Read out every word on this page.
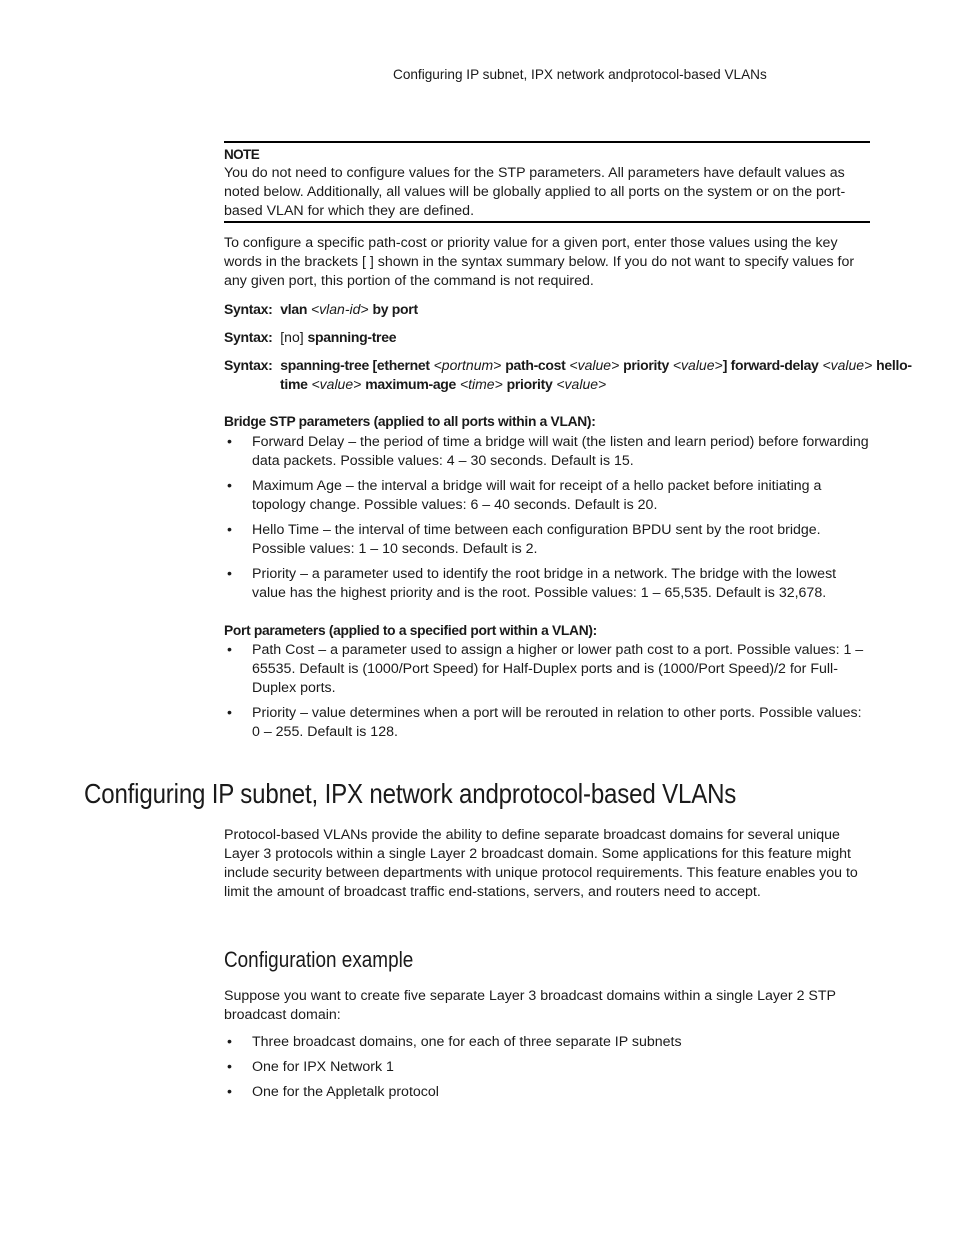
Configuring IP subnet, IPX network andprotocol-based VLANs
NOTE

You do not need to configure values for the STP parameters. All parameters have default values as noted below. Additionally, all values will be globally applied to all ports on the system or on the port-based VLAN for which they are defined.

To configure a specific path-cost or priority value for a given port, enter those values using the key words in the brackets [ ] shown in the syntax summary below. If you do not want to specify values for any given port, this portion of the command is not required.

Syntax: vlan <vlan-id> by port
Syntax: [no] spanning-tree
Syntax: spanning-tree [ethernet <portnum> path-cost <value> priority <value>] forward-delay <value> hello-time <value> maximum-age <time> priority <value>
Bridge STP parameters (applied to all ports within a VLAN):
• Forward Delay – the period of time a bridge will wait (the listen and learn period) before forwarding data packets. Possible values: 4 – 30 seconds. Default is 15.
• Maximum Age – the interval a bridge will wait for receipt of a hello packet before initiating a topology change. Possible values: 6 – 40 seconds. Default is 20.
• Hello Time – the interval of time between each configuration BPDU sent by the root bridge. Possible values: 1 – 10 seconds. Default is 2.
• Priority – a parameter used to identify the root bridge in a network. The bridge with the lowest value has the highest priority and is the root. Possible values: 1 – 65,535. Default is 32,678.
Port parameters (applied to a specified port within a VLAN):
• Path Cost – a parameter used to assign a higher or lower path cost to a port. Possible values: 1 – 65535. Default is (1000/Port Speed) for Half-Duplex ports and is (1000/Port Speed)/2 for Full-Duplex ports.
• Priority – value determines when a port will be rerouted in relation to other ports. Possible values: 0 – 255. Default is 128.
Configuring IP subnet, IPX network andprotocol-based VLANs

Protocol-based VLANs provide the ability to define separate broadcast domains for several unique Layer 3 protocols within a single Layer 2 broadcast domain. Some applications for this feature might include security between departments with unique protocol requirements. This feature enables you to limit the amount of broadcast traffic end-stations, servers, and routers need to accept.

Configuration example

Suppose you want to create five separate Layer 3 broadcast domains within a single Layer 2 STP broadcast domain:

• Three broadcast domains, one for each of three separate IP subnets
• One for IPX Network 1
• One for the Appletalk protocol
